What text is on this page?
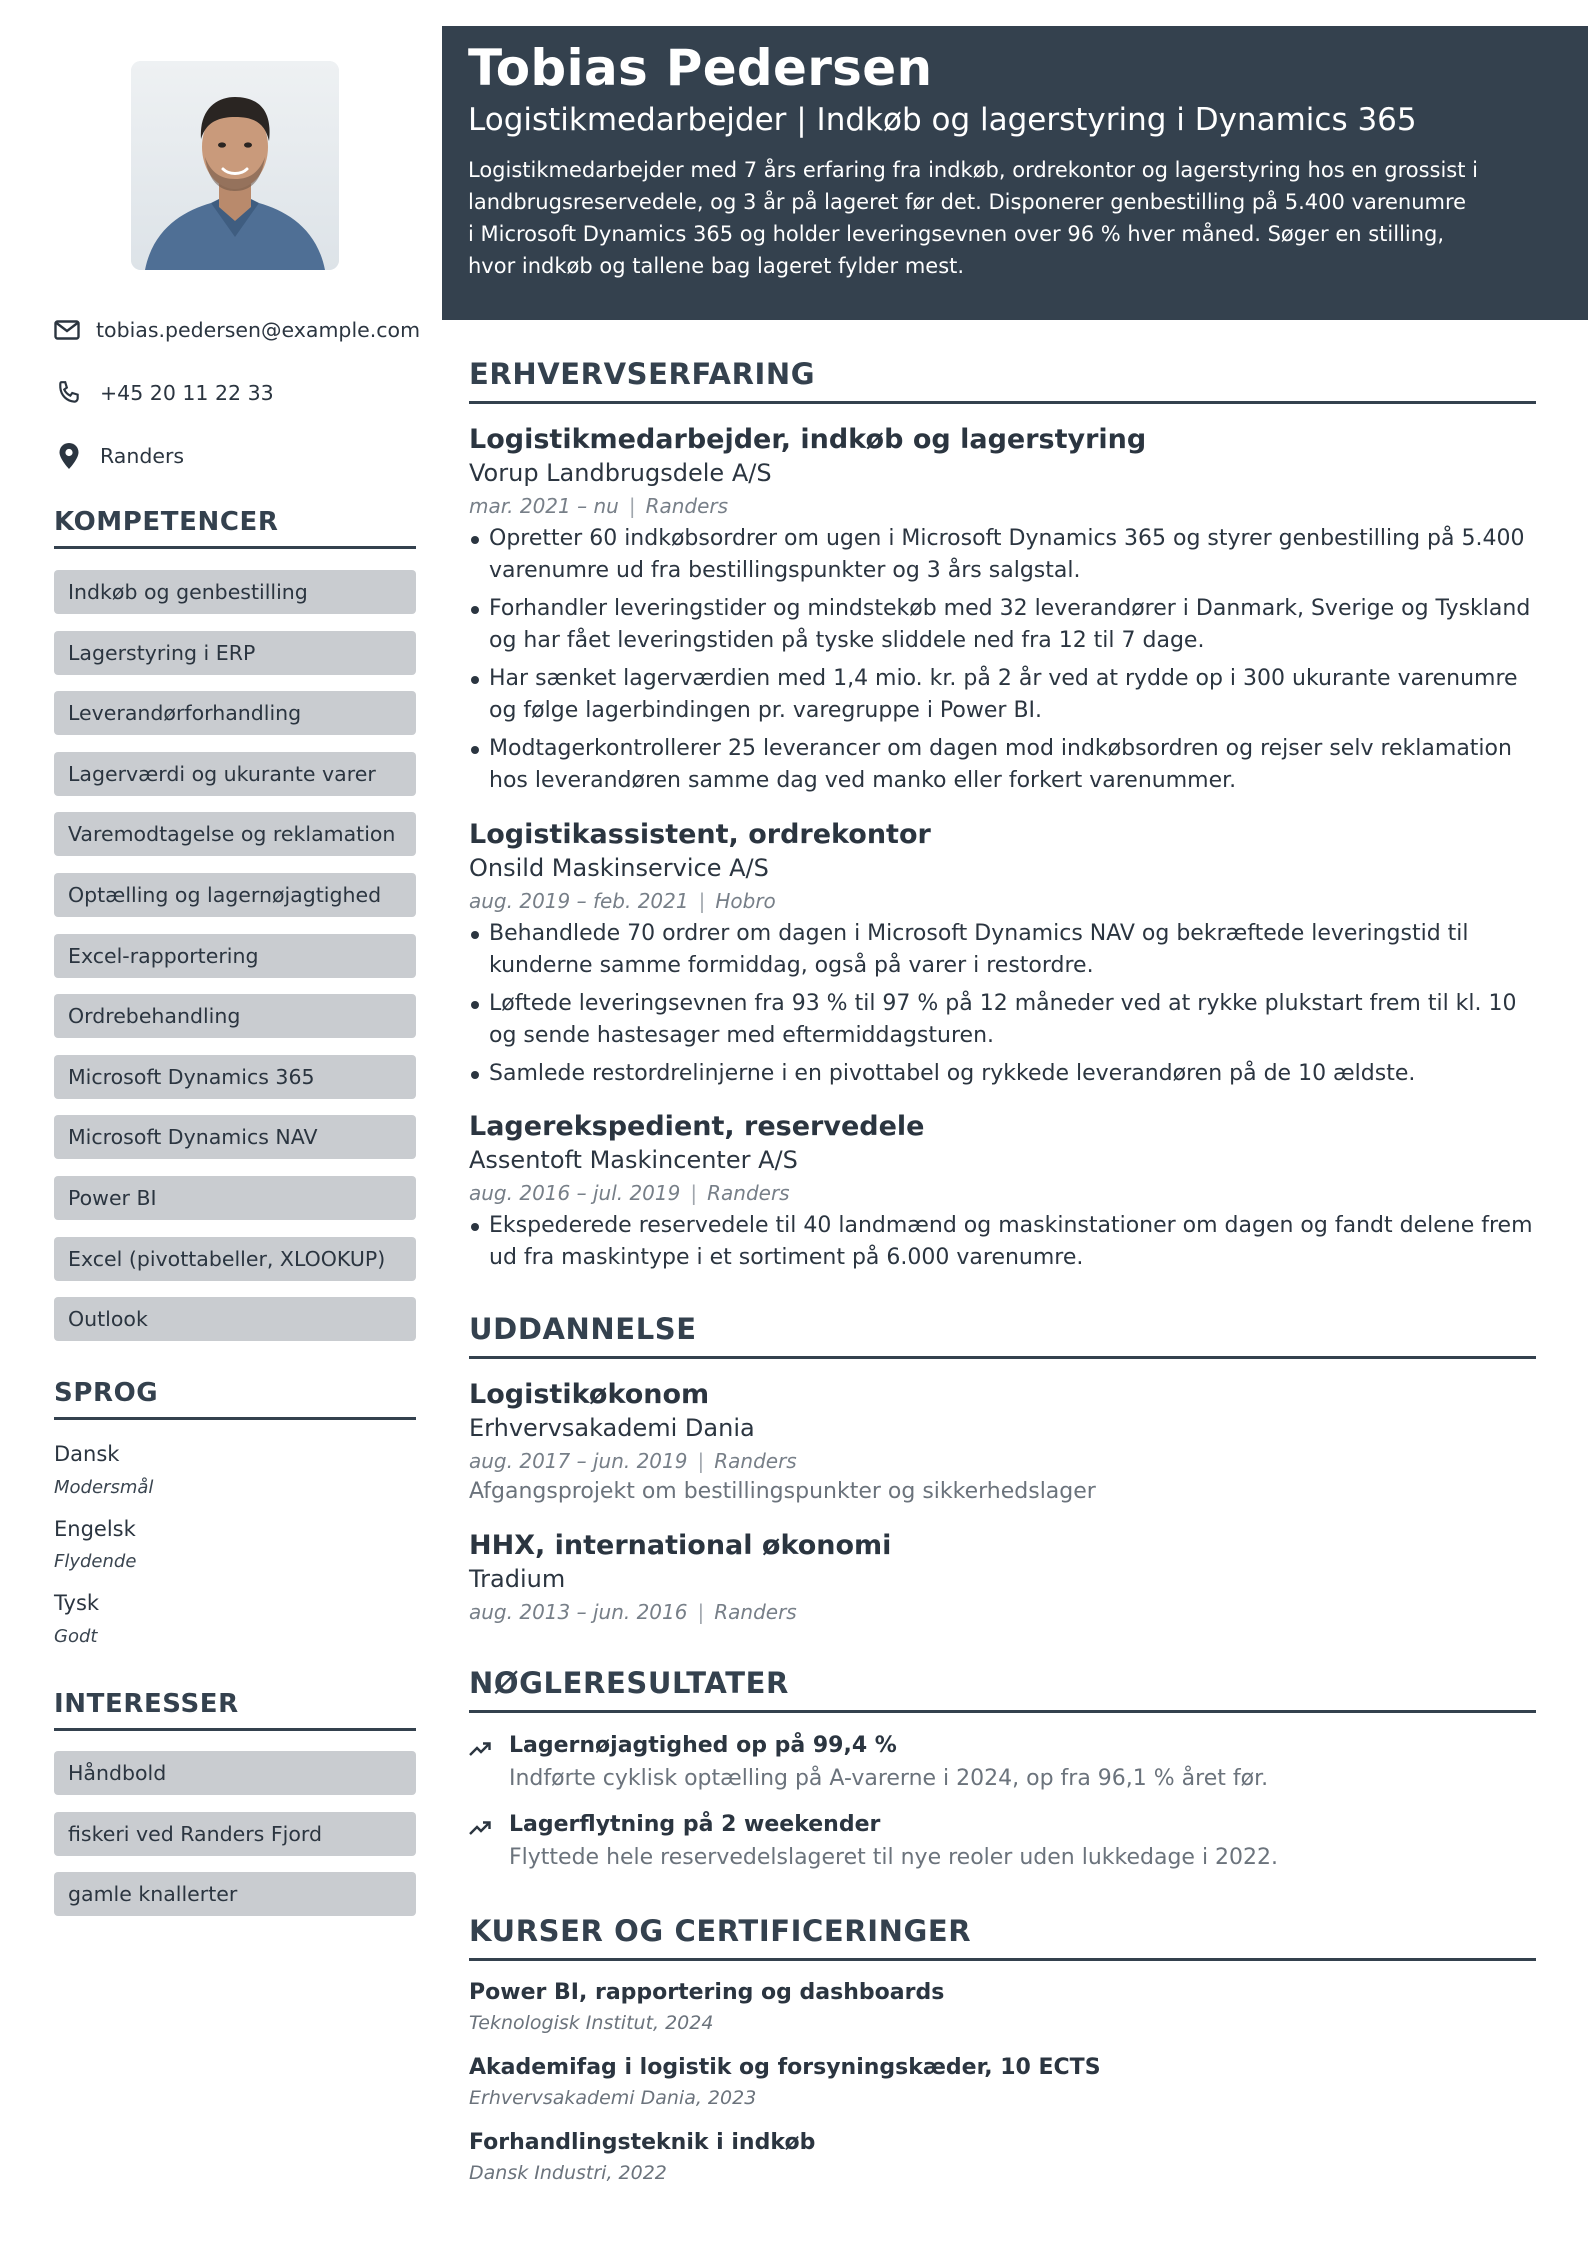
tobias.pedersen@example.com
+45 20 11 22 33
Randers
KOMPETENCER
Indkøb og genbestilling
Lagerstyring i ERP
Leverandørforhandling
Lagerværdi og ukurante varer
Varemodtagelse og reklamation
Optælling og lagernøjagtighed
Excel-rapportering
Ordrebehandling
Microsoft Dynamics 365
Microsoft Dynamics NAV
Power BI
Excel (pivottabeller, XLOOKUP)
Outlook
SPROG
Dansk
Modersmål
Engelsk
Flydende
Tysk
Godt
INTERESSER
Håndbold
fiskeri ved Randers Fjord
gamle knallerter
Tobias Pedersen
Logistikmedarbejder | Indkøb og lagerstyring i Dynamics 365
Logistikmedarbejder med 7 års erfaring fra indkøb, ordrekontor og lagerstyring hos en grossist i landbrugsreservedele, og 3 år på lageret før det. Disponerer genbestilling på 5.400 varenumre i Microsoft Dynamics 365 og holder leveringsevnen over 96 % hver måned. Søger en stilling, hvor indkøb og tallene bag lageret fylder mest.
ERHVERVSERFARING
Logistikmedarbejder, indkøb og lagerstyring
Vorup Landbrugsdele A/S
mar. 2021 – nu | Randers
Opretter 60 indkøbsordrer om ugen i Microsoft Dynamics 365 og styrer genbestilling på 5.400 varenumre ud fra bestillingspunkter og 3 års salgstal.
Forhandler leveringstider og mindstekøb med 32 leverandører i Danmark, Sverige og Tyskland og har fået leveringstiden på tyske sliddele ned fra 12 til 7 dage.
Har sænket lagerværdien med 1,4 mio. kr. på 2 år ved at rydde op i 300 ukurante varenumre og følge lagerbindingen pr. varegruppe i Power BI.
Modtagerkontrollerer 25 leverancer om dagen mod indkøbsordren og rejser selv reklamation hos leverandøren samme dag ved manko eller forkert varenummer.
Logistikassistent, ordrekontor
Onsild Maskinservice A/S
aug. 2019 – feb. 2021 | Hobro
Behandlede 70 ordrer om dagen i Microsoft Dynamics NAV og bekræftede leveringstid til kunderne samme formiddag, også på varer i restordre.
Løftede leveringsevnen fra 93 % til 97 % på 12 måneder ved at rykke plukstart frem til kl. 10 og sende hastesager med eftermiddagsturen.
Samlede restordrelinjerne i en pivottabel og rykkede leverandøren på de 10 ældste.
Lagerekspedient, reservedele
Assentoft Maskincenter A/S
aug. 2016 – jul. 2019 | Randers
Ekspederede reservedele til 40 landmænd og maskinstationer om dagen og fandt delene frem ud fra maskintype i et sortiment på 6.000 varenumre.
UDDANNELSE
Logistikøkonom
Erhvervsakademi Dania
aug. 2017 – jun. 2019 | Randers
Afgangsprojekt om bestillingspunkter og sikkerhedslager
HHX, international økonomi
Tradium
aug. 2013 – jun. 2016 | Randers
NØGLERESULTATER
Lagernøjagtighed op på 99,4 %
Indførte cyklisk optælling på A-varerne i 2024, op fra 96,1 % året før.
Lagerflytning på 2 weekender
Flyttede hele reservedelslageret til nye reoler uden lukkedage i 2022.
KURSER OG CERTIFICERINGER
Power BI, rapportering og dashboards
Teknologisk Institut, 2024
Akademifag i logistik og forsyningskæder, 10 ECTS
Erhvervsakademi Dania, 2023
Forhandlingsteknik i indkøb
Dansk Industri, 2022
